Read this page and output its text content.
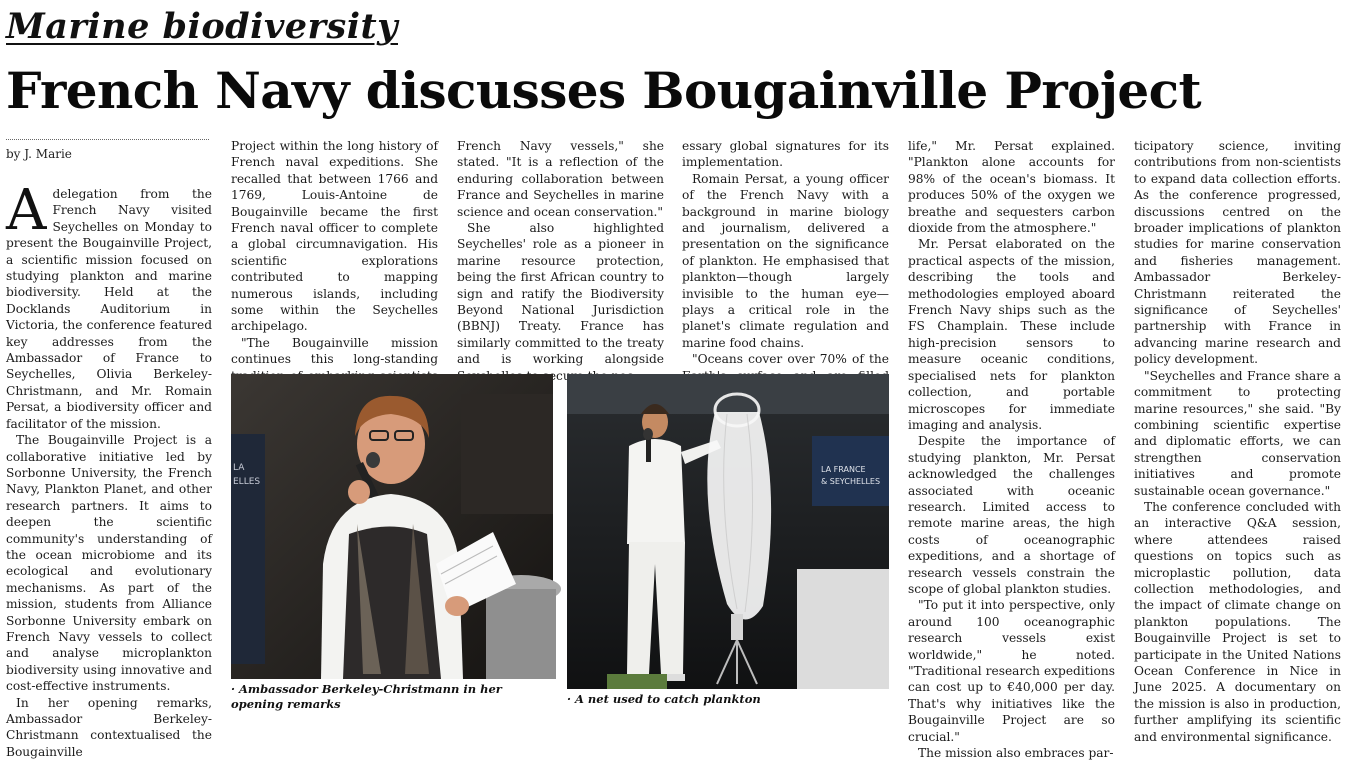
Marine biodiversity
French Navy discusses Bougainville Project
by J. Marie

Adelegation from the French Navy visited Seychelles on Monday to present the Bougainville Project, a scientific mission focused on studying plankton and marine biodiversity. Held at the Docklands Auditorium in Victoria, the conference featured key addresses from the Ambassador of France to Seychelles, Olivia Berkeley-Christmann, and Mr. Romain Persat, a biodiversity officer and facilitator of the mission.

The Bougainville Project is a collaborative initiative led by Sorbonne University, the French Navy, Plankton Planet, and other research partners. It aims to deepen the scientific community's understanding of the ocean microbiome and its ecological and evolutionary mechanisms. As part of the mission, students from Alliance Sorbonne University embark on French Navy vessels to collect and analyse microplankton biodiversity using innovative and cost-effective instruments.

In her opening remarks, Ambassador Berkeley-Christmann contextualised the Bougainville

Project within the long history of French naval expeditions. She recalled that between 1766 and 1769, Louis-Antoine de Bougainville became the first French naval officer to complete a global circumnavigation. His scientific explorations contributed to mapping numerous islands, including some within the Seychelles archipelago.

"The Bougainville mission continues this long-standing

French Navy vessels," she stated. "It is a reflection of the enduring collaboration between France and Seychelles in marine science and ocean conservation."

She also highlighted Seychelles' role as a pioneer in marine resource protection, being the first African country to sign and ratify the Biodiversity Beyond National Jurisdiction (BBNJ) Treaty. France has similarly committed to the treaty and is working alongside secure

essary global signatures for its implementation.

Romain Persat, a young officer of the French Navy with a background in marine biology and journalism, delivered a presentation on the significance of plankton. He emphasised that plankton—though largely invisible to the human eye—plays a critical role in the planet's climate regulation and marine food chains.

"Oceans cover over 70% of the

life," Mr. Persat explained. "Plankton alone accounts for 98% of the ocean's biomass. It produces 50% of the oxygen we breathe and sequesters carbon dioxide from the atmosphere."

Mr. Persat elaborated on the practical aspects of the mission, describing the tools and methodologies employed aboard French Navy ships such as the FS Champlain. These include high-precision sensors to measure oceanic conditions, specialised nets for plankton collection, and portable microscopes for immediate imaging and analysis.

Despite the importance of studying plankton, Mr. Persat acknowledged the challenges associated with oceanic research. Limited access to remote marine areas, the high costs of oceanographic expeditions, and a shortage of research vessels constrain the scope of global plankton studies.

"To put it into perspective, only around 100 oceanographic research vessels exist worldwide," he noted. "Traditional research expeditions can cost up to €40,000 per day. That's why initiatives like the Bougainville Project are so crucial."

The mission also embraces par-

ticipatory science, inviting contributions from non-scientists to expand data collection efforts. As the conference progressed, discussions centred on the broader implications of plankton studies for marine conservation and fisheries management. Ambassador Berkeley-Christmann reiterated the significance of Seychelles' partnership with France in advancing marine research and policy development.

"Seychelles and France share a commitment to protecting marine resources," she said. "By combining scientific expertise and diplomatic efforts, we can strengthen conservation initiatives and promote sustainable ocean governance."

The conference concluded with an interactive Q&A session, where attendees raised questions on topics such as microplastic pollution, data collection methodologies, and the impact of climate change on plankton populations. The Bougainville Project is set to participate in the United Nations Ocean Conference in Nice in June 2025. A documentary on the mission is also in production, further amplifying its scientific and environmental significance.

LA
ELLES
· Ambassador Berkeley-Christmann in her opening remarks
LA FRANCE
& SEYCHELLES
· A net used to catch plankton
